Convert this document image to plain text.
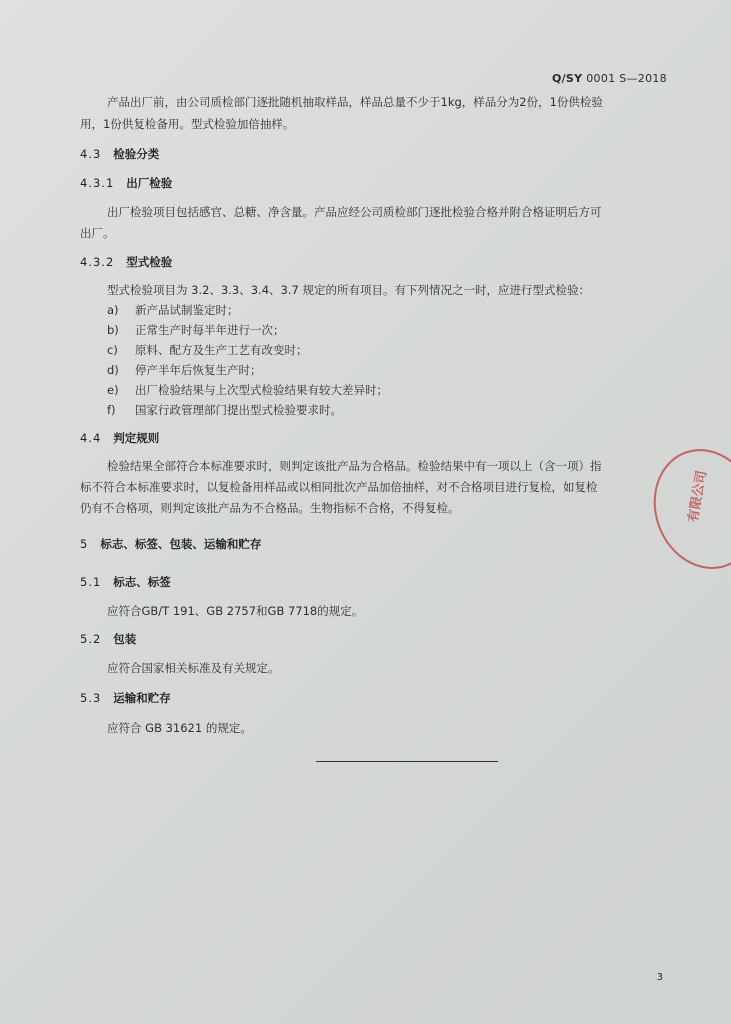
Q/SY 0001 S—2018
产品出厂前，由公司质检部门逐批随机抽取样品，样品总量不少于1kg，样品分为2份，1份供检验
用，1份供复检备用。型式检验加倍抽样。
4.3 检验分类
4.3.1 出厂检验
出厂检验项目包括感官、总糖、净含量。产品应经公司质检部门逐批检验合格并附合格证明后方可
出厂。
4.3.2 型式检验
型式检验项目为 3.2、3.3、3.4、3.7 规定的所有项目。有下列情况之一时，应进行型式检验：
a) 新产品试制鉴定时；
b) 正常生产时每半年进行一次；
c) 原料、配方及生产工艺有改变时；
d) 停产半年后恢复生产时；
e) 出厂检验结果与上次型式检验结果有较大差异时；
f) 国家行政管理部门提出型式检验要求时。
4.4 判定规则
检验结果全部符合本标准要求时，则判定该批产品为合格品。检验结果中有一项以上（含一项）指
标不符合本标准要求时，以复检备用样品或以相同批次产品加倍抽样，对不合格项目进行复检，如复检
仍有不合格项，则判定该批产品为不合格品。生物指标不合格，不得复检。
5 标志、标签、包装、运输和贮存
5.1 标志、标签
应符合GB/T 191、GB 2757和GB 7718的规定。
5.2 包装
应符合国家相关标准及有关规定。
5.3 运输和贮存
应符合 GB 31621 的规定。
3
有限公司
